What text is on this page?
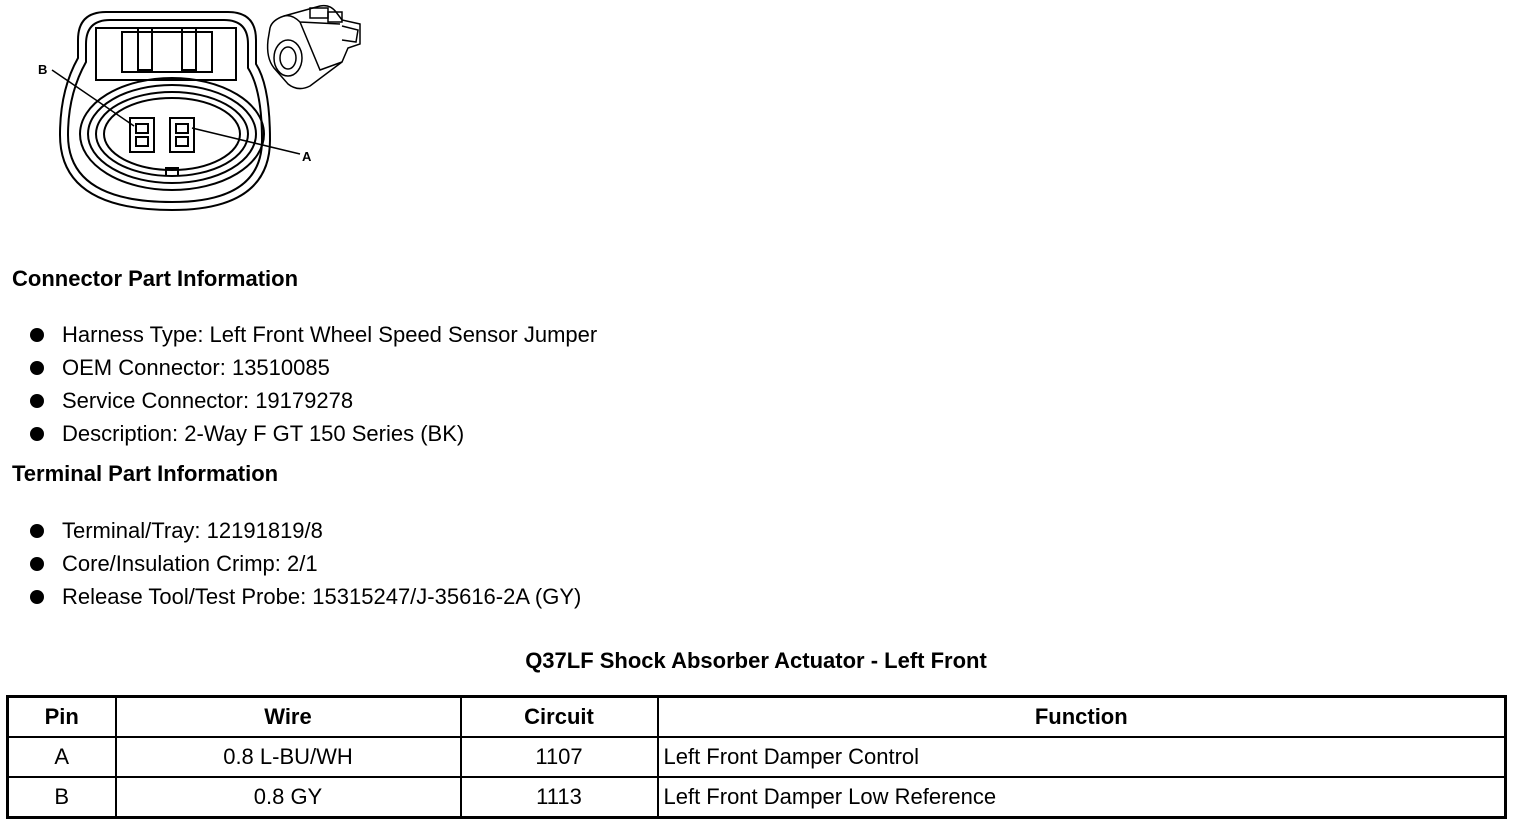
B
A
Connector Part Information
Harness Type: Left Front Wheel Speed Sensor Jumper
OEM Connector: 13510085
Service Connector: 19179278
Description: 2-Way F GT 150 Series (BK)
Terminal Part Information
Terminal/Tray: 12191819/8
Core/Insulation Crimp: 2/1
Release Tool/Test Probe: 15315247/J-35616-2A (GY)
Q37LF Shock Absorber Actuator - Left Front
Pin	Wire	Circuit	Function
A	0.8 L-BU/WH	1107	Left Front Damper Control
B	0.8 GY	1113	Left Front Damper Low Reference
